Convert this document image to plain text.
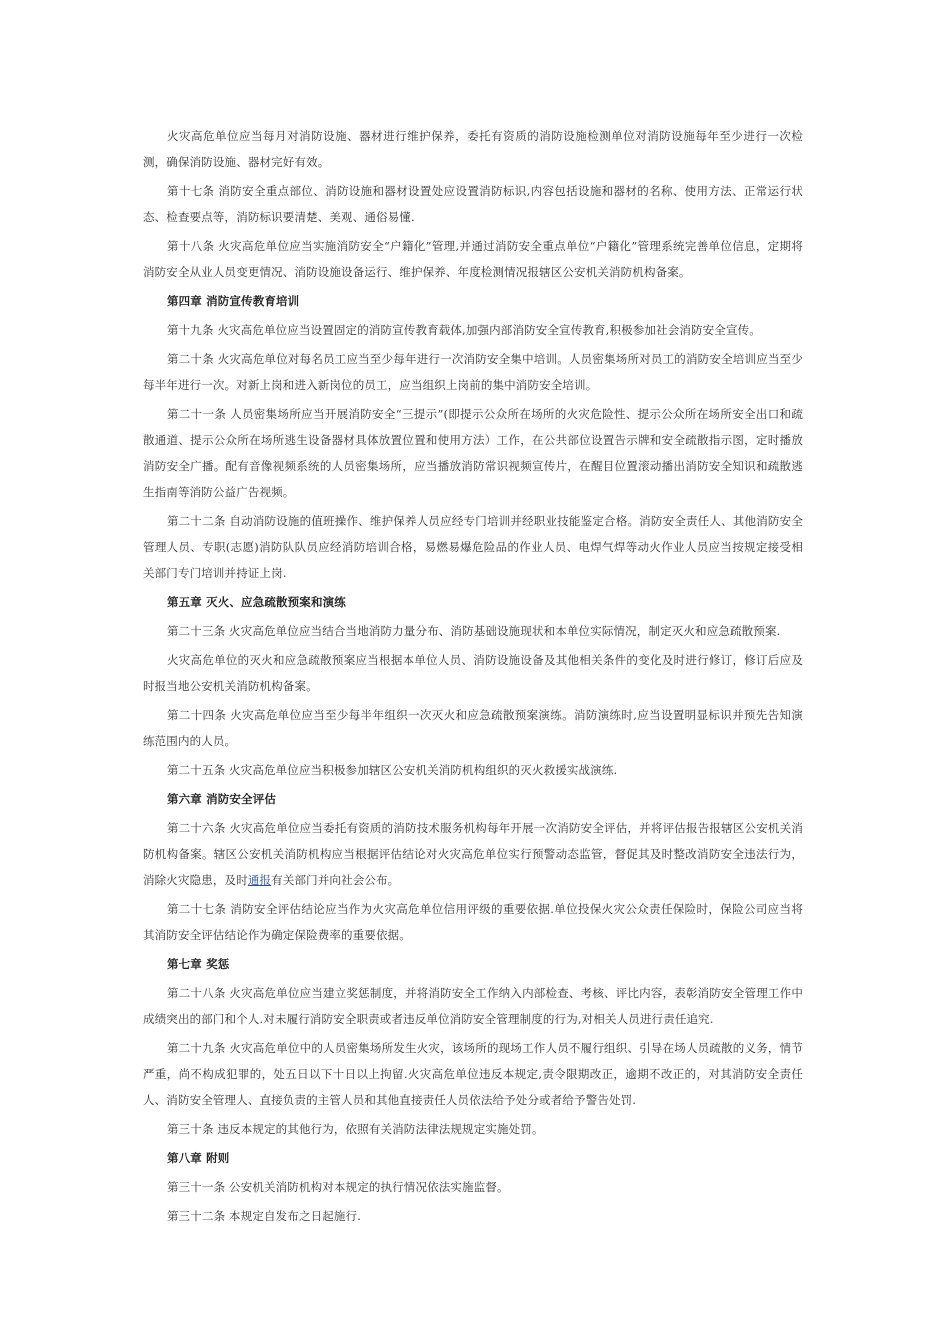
火灾高危单位应当每月对消防设施、器材进行维护保养，委托有资质的消防设施检测单位对消防设施每年至少进行一次检测，确保消防设施、器材完好有效。

第十七条 消防安全重点部位、消防设施和器材设置处应设置消防标识,内容包括设施和器材的名称、使用方法、正常运行状态、检查要点等，消防标识要清楚、美观、通俗易懂.

第十八条 火灾高危单位应当实施消防安全“户籍化”管理,并通过消防安全重点单位“户籍化”管理系统完善单位信息，定期将消防安全从业人员变更情况、消防设施设备运行、维护保养、年度检测情况报辖区公安机关消防机构备案。

第四章 消防宣传教育培训

第十九条 火灾高危单位应当设置固定的消防宣传教育载体,加强内部消防安全宣传教育,积极参加社会消防安全宣传。

第二十条 火灾高危单位对每名员工应当至少每年进行一次消防安全集中培训。人员密集场所对员工的消防安全培训应当至少每半年进行一次。对新上岗和进入新岗位的员工，应当组织上岗前的集中消防安全培训。

第二十一条 人员密集场所应当开展消防安全“三提示”(即提示公众所在场所的火灾危险性、提示公众所在场所安全出口和疏散通道、提示公众所在场所逃生设备器材具体放置位置和使用方法）工作，在公共部位设置告示牌和安全疏散指示图，定时播放消防安全广播。配有音像视频系统的人员密集场所，应当播放消防常识视频宣传片，在醒目位置滚动播出消防安全知识和疏散逃生指南等消防公益广告视频。

第二十二条 自动消防设施的值班操作、维护保养人员应经专门培训并经职业技能鉴定合格。消防安全责任人、其他消防安全管理人员、专职(志愿)消防队队员应经消防培训合格，易燃易爆危险品的作业人员、电焊气焊等动火作业人员应当按规定接受相关部门专门培训并持证上岗.

第五章 灭火、应急疏散预案和演练

第二十三条 火灾高危单位应当结合当地消防力量分布、消防基础设施现状和本单位实际情况，制定灭火和应急疏散预案.

火灾高危单位的灭火和应急疏散预案应当根据本单位人员、消防设施设备及其他相关条件的变化及时进行修订，修订后应及时报当地公安机关消防机构备案。

第二十四条 火灾高危单位应当至少每半年组织一次灭火和应急疏散预案演练。消防演练时,应当设置明显标识并预先告知演练范围内的人员。

第二十五条 火灾高危单位应当积极参加辖区公安机关消防机构组织的灭火救援实战演练.

第六章 消防安全评估

第二十六条 火灾高危单位应当委托有资质的消防技术服务机构每年开展一次消防安全评估，并将评估报告报辖区公安机关消防机构备案。辖区公安机关消防机构应当根据评估结论对火灾高危单位实行预警动态监管，督促其及时整改消防安全违法行为，消除火灾隐患，及时通报有关部门并向社会公布。

第二十七条 消防安全评估结论应当作为火灾高危单位信用评级的重要依据.单位投保火灾公众责任保险时，保险公司应当将其消防安全评估结论作为确定保险费率的重要依据。

第七章 奖惩

第二十八条 火灾高危单位应当建立奖惩制度，并将消防安全工作纳入内部检查、考核、评比内容，表彰消防安全管理工作中成绩突出的部门和个人.对未履行消防安全职责或者违反单位消防安全管理制度的行为,对相关人员进行责任追究.

第二十九条 火灾高危单位中的人员密集场所发生火灾，该场所的现场工作人员不履行组织、引导在场人员疏散的义务，情节严重，尚不构成犯罪的，处五日以下十日以上拘留.火灾高危单位违反本规定,责令限期改正，逾期不改正的，对其消防安全责任人、消防安全管理人、直接负责的主管人员和其他直接责任人员依法给予处分或者给予警告处罚.

第三十条 违反本规定的其他行为，依照有关消防法律法规规定实施处罚。

第八章 附则

第三十一条 公安机关消防机构对本规定的执行情况依法实施监督。

第三十二条 本规定自发布之日起施行.
